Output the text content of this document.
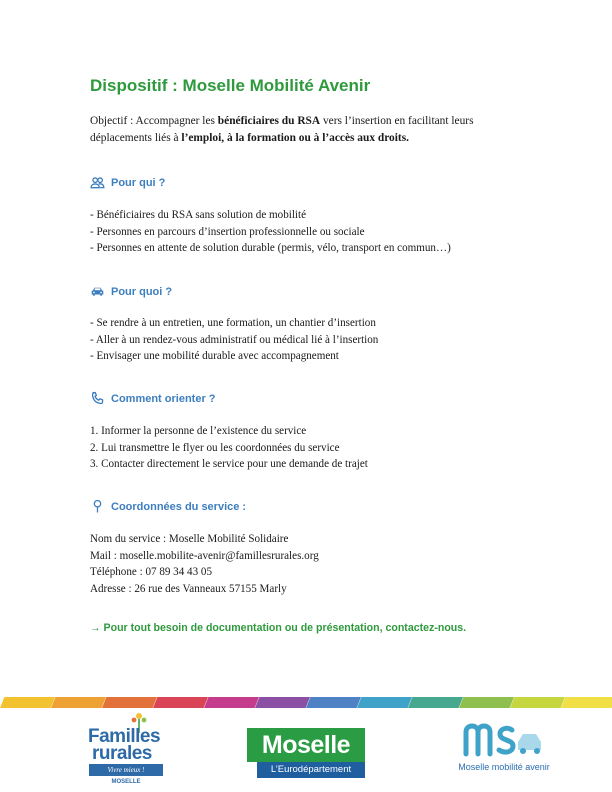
Dispositif : Moselle Mobilité Avenir

Objectif : Accompagner les bénéficiaires du RSA vers l’insertion en facilitant leurs déplacements liés à l’emploi, à la formation ou à l’accès aux droits.

Pour qui ?
- Bénéficiaires du RSA sans solution de mobilité
- Personnes en parcours d’insertion professionnelle ou sociale
- Personnes en attente de solution durable (permis, vélo, transport en commun…)
Pour quoi ?
- Se rendre à un entretien, une formation, un chantier d’insertion
- Aller à un rendez-vous administratif ou médical lié à l’insertion
- Envisager une mobilité durable avec accompagnement
Comment orienter ?
1. Informer la personne de l’existence du service
2. Lui transmettre le flyer ou les coordonnées du service
3. Contacter directement le service pour une demande de trajet
Coordonnées du service :
Nom du service : Moselle Mobilité Solidaire
Mail : moselle.mobilite-avenir@famillesrurales.org
Téléphone : 07 89 34 43 05
Adresse : 26 rue des Vanneaux 57155 Marly
→ Pour tout besoin de documentation ou de présentation, contactez-nous.
Familles
rurales
Vivre mieux !
MOSELLE
Moselle
L’Eurodépartement	Moselle mobilité avenir
